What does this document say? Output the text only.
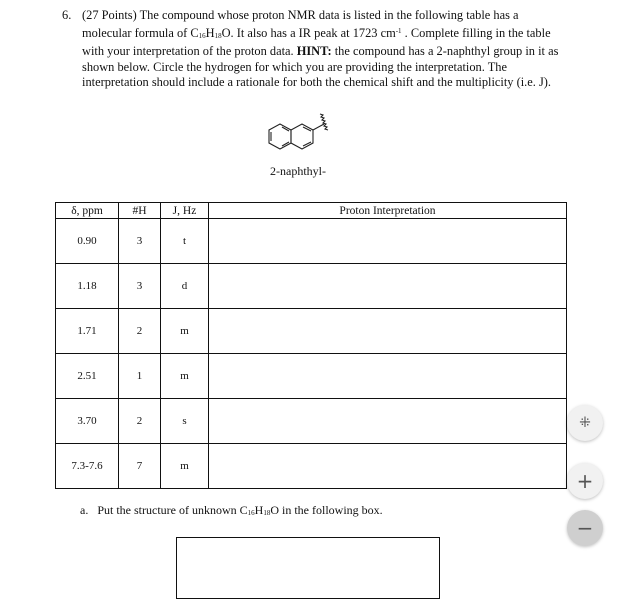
6. (27 Points) The compound whose proton NMR data is listed in the following table has a molecular formula of $C_{16}H_{18}O$. It also has a IR peak at 1723 $cm^{-1}$ . Complete filling in the table with your interpretation of the proton data. HINT: the compound has a 2-naphthyl group in it as shown below. Circle the hydrogen for which you are providing the interpretation. The interpretation should include a rationale for both the chemical shift and the multiplicity (i.e. J).
2-naphthyl-
δ, ppm	#H	J, Hz	Proton Interpretation
0.90	3	t	
1.18	3	d	
1.71	2	m	
2.51	1	m	
3.70	2	s	
7.3-7.6	7	m	
a. Put the structure of unknown $C_{16}H_{18}O$ in the following box.
⁜
+
−
